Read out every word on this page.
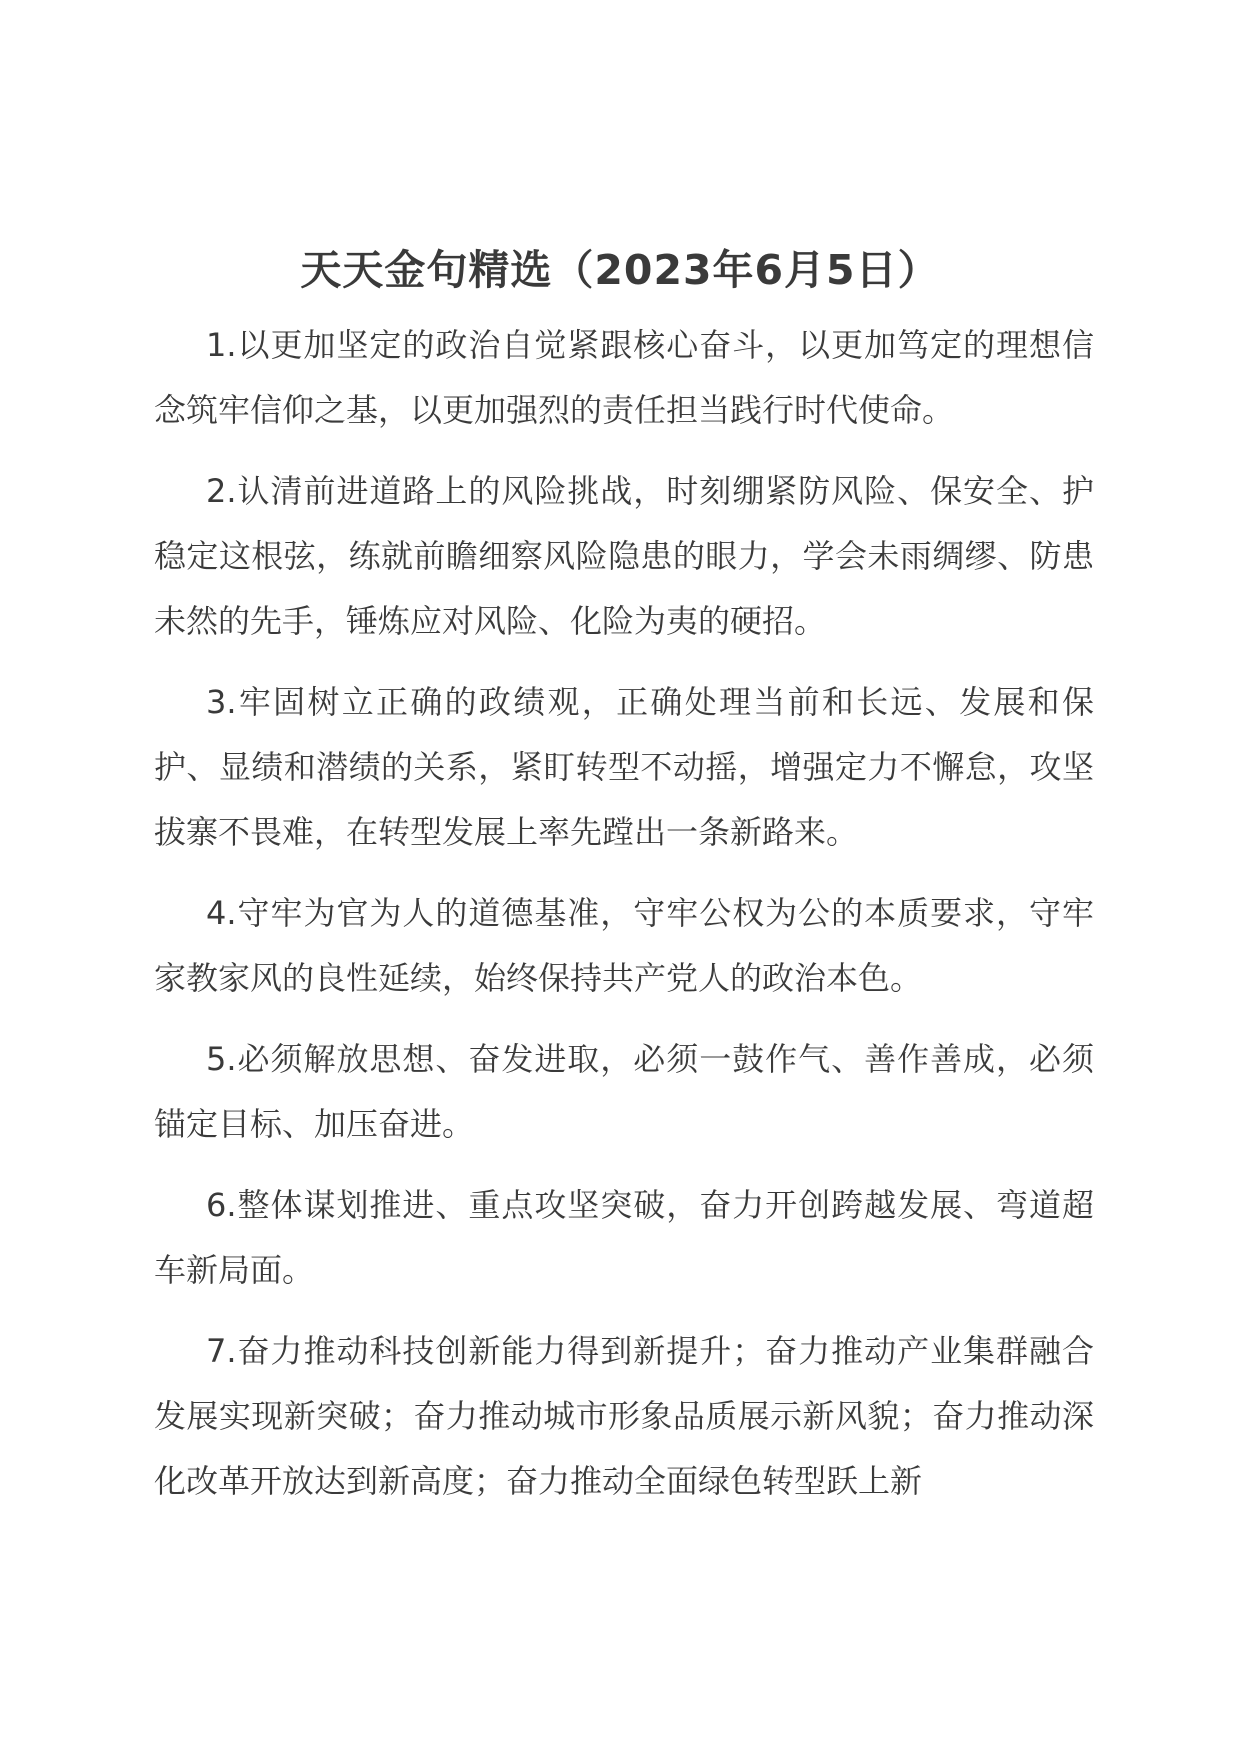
天天金句精选（2023年6月5日）

1.以更加坚定的政治自觉紧跟核心奋斗，以更加笃定的理想信念筑牢信仰之基，以更加强烈的责任担当践行时代使命。

2.认清前进道路上的风险挑战，时刻绷紧防风险、保安全、护稳定这根弦，练就前瞻细察风险隐患的眼力，学会未雨绸缪、防患未然的先手，锤炼应对风险、化险为夷的硬招。

3.牢固树立正确的政绩观，正确处理当前和长远、发展和保护、显绩和潜绩的关系，紧盯转型不动摇，增强定力不懈怠，攻坚拔寨不畏难，在转型发展上率先蹚出一条新路来。

4.守牢为官为人的道德基准，守牢公权为公的本质要求，守牢家教家风的良性延续，始终保持共产党人的政治本色。

5.必须解放思想、奋发进取，必须一鼓作气、善作善成，必须锚定目标、加压奋进。

6.整体谋划推进、重点攻坚突破，奋力开创跨越发展、弯道超车新局面。

7.奋力推动科技创新能力得到新提升；奋力推动产业集群融合发展实现新突破；奋力推动城市形象品质展示新风貌；奋力推动深化改革开放达到新高度；奋力推动全面绿色转型跃上新
